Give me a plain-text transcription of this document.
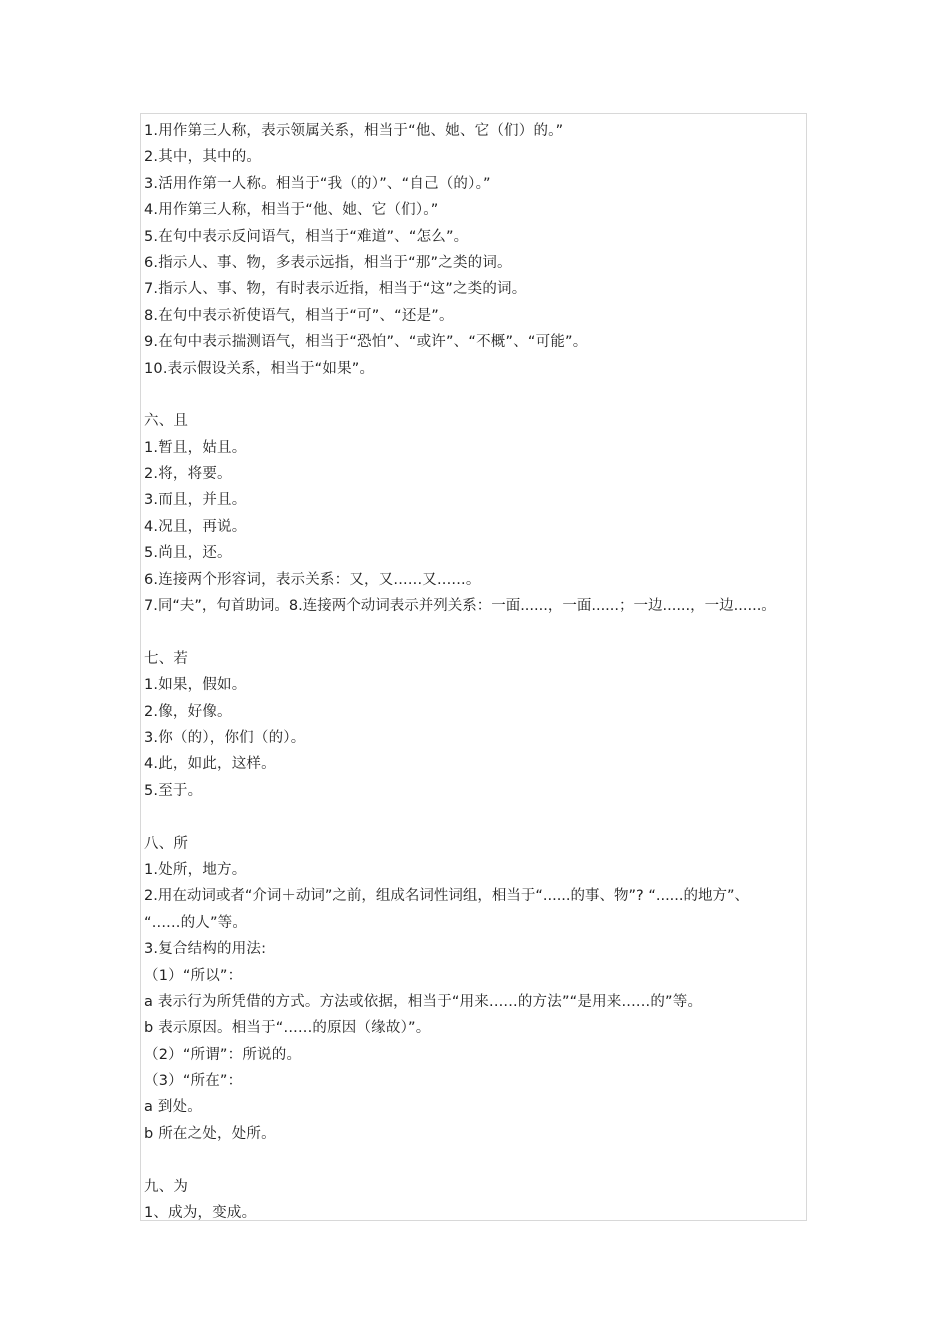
1.用作第三人称，表示领属关系，相当于“他、她、它（们）的。”
2.其中，其中的。
3.活用作第一人称。相当于“我（的）”、“自己（的）。”
4.用作第三人称，相当于“他、她、它（们）。”
5.在句中表示反问语气，相当于“难道”、“怎么”。
6.指示人、事、物，多表示远指，相当于“那”之类的词。
7.指示人、事、物，有时表示近指，相当于“这”之类的词。
8.在句中表示祈使语气，相当于“可”、“还是”。
9.在句中表示揣测语气，相当于“恐怕”、“或许”、“不概”、“可能”。
10.表示假设关系，相当于“如果”。
六、且
1.暂且，姑且。
2.将，将要。
3.而且，并且。
4.况且，再说。
5.尚且，还。
6.连接两个形容词，表示关系：又，又......又......。
7.同“夫”，句首助词。8.连接两个动词表示并列关系：一面......，一面......；一边......，一边......。
七、若
1.如果，假如。
2.像，好像。
3.你（的），你们（的）。
4.此，如此，这样。
5.至于。
八、所
1.处所，地方。
2.用在动词或者“介词＋动词”之前，组成名词性词组，相当于“......的事、物”? “......的地方”、
“......的人”等。
3.复合结构的用法:
（1）“所以”：
a 表示行为所凭借的方式。方法或依据，相当于“用来......的方法”“是用来......的”等。
b 表示原因。相当于“......的原因（缘故）”。
（2）“所谓”：所说的。
（3）“所在”：
a 到处。
b 所在之处，处所。
九、为
1、成为，变成。
